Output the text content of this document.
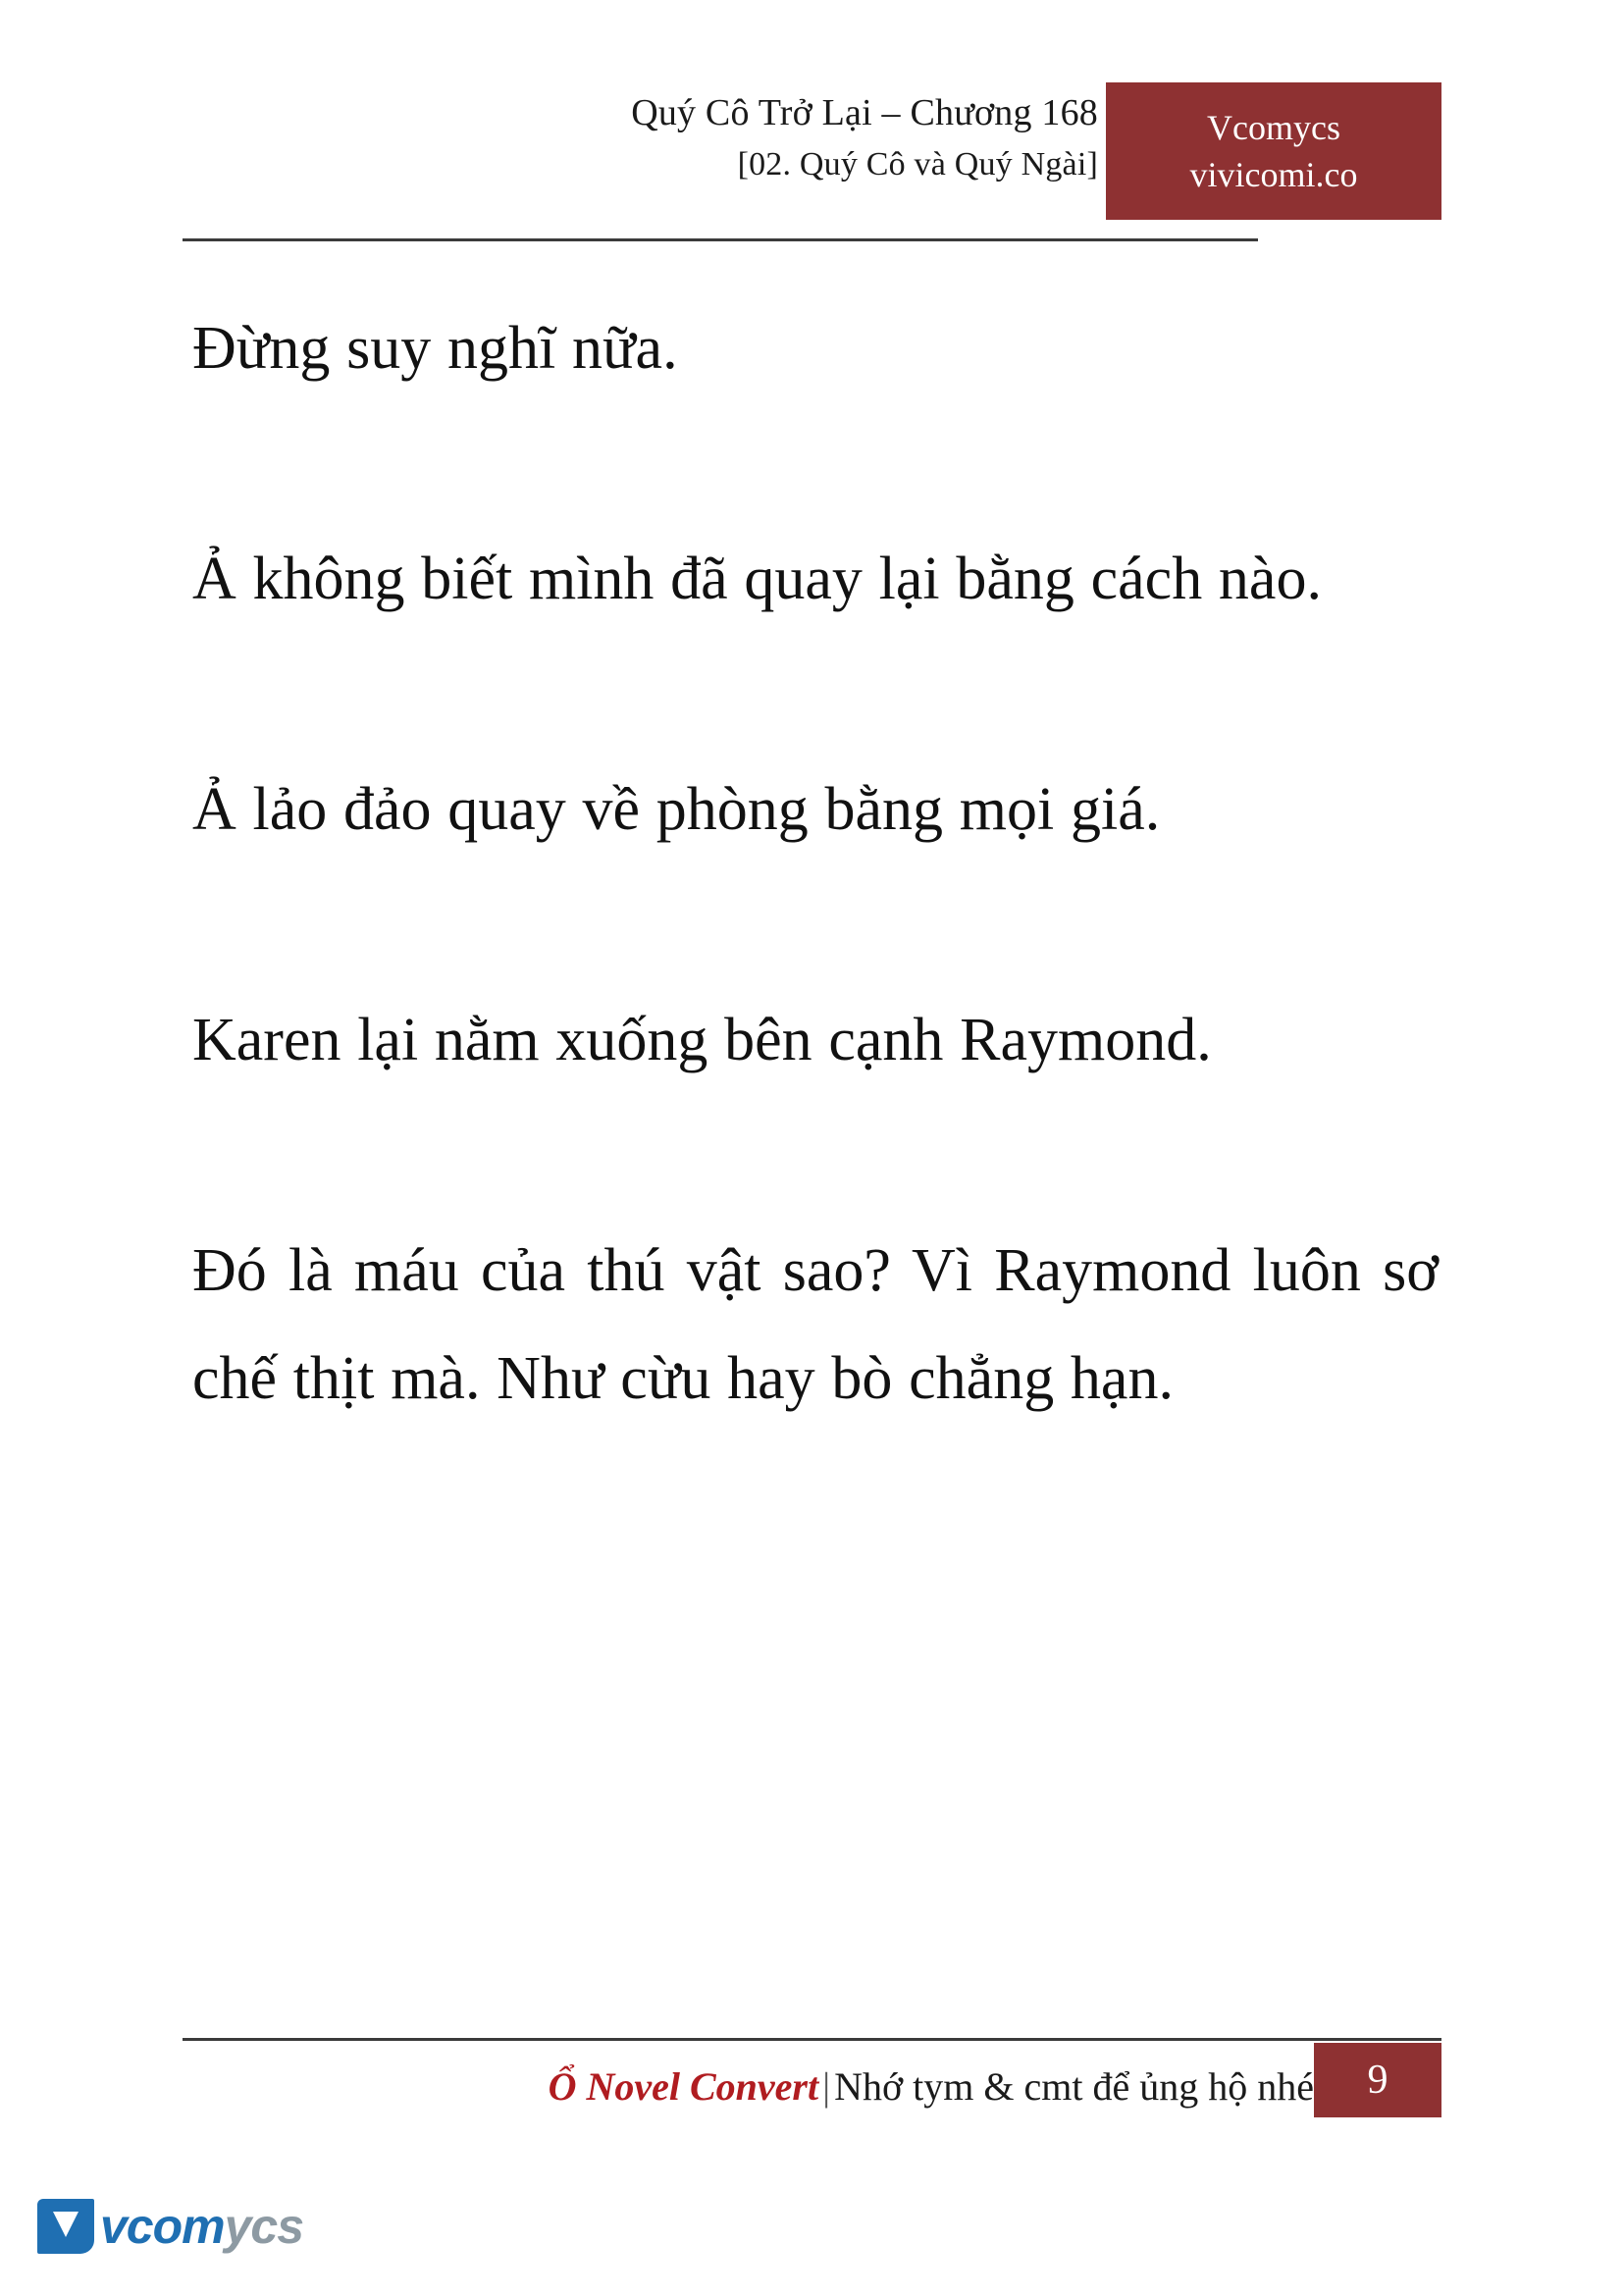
Quý Cô Trở Lại – Chương 168
[02. Quý Cô và Quý Ngài]
Vcomycs
vivicomi.co

Đừng suy nghĩ nữa.

Ả không biết mình đã quay lại bằng cách nào.

Ả lảo đảo quay về phòng bằng mọi giá.

Karen lại nằm xuống bên cạnh Raymond.

Đó là máu của thú vật sao? Vì Raymond luôn sơ chế thịt mà. Như cừu hay bò chẳng hạn.

Ổ Novel Convert | Nhớ tym & cmt để ủng hộ nhé 9
vcomycs
